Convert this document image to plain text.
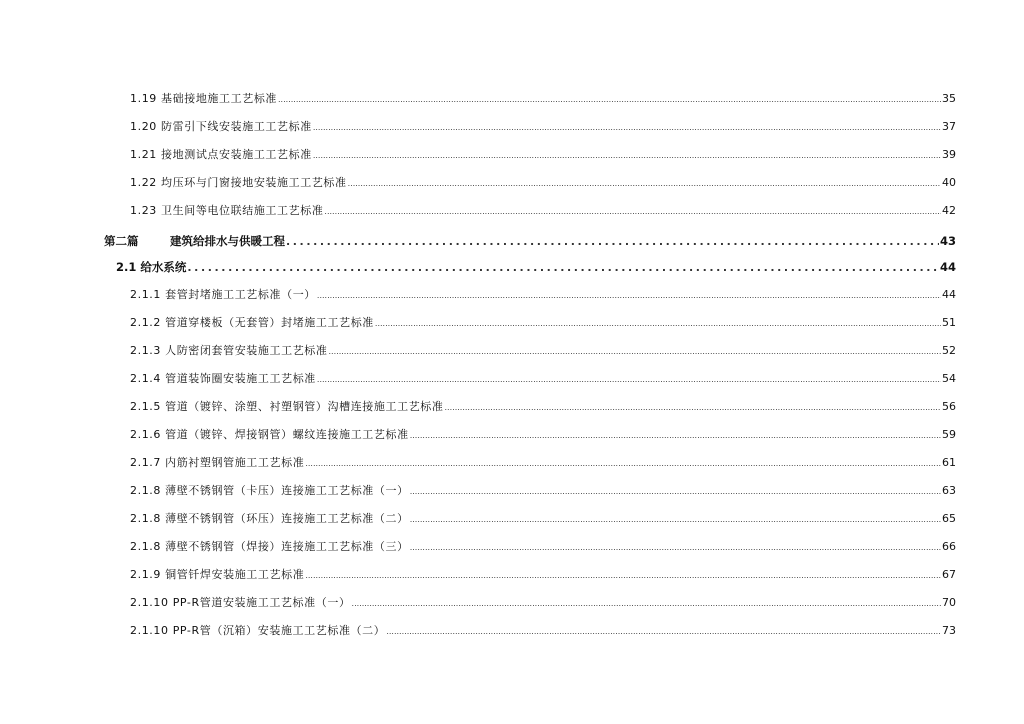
1.19 基础接地施工工艺标准 .....	35
1.20 防雷引下线安装施工工艺标准 .....	37
1.21 接地测试点安装施工工艺标准 .....	39
1.22 均压环与门窗接地安装施工工艺标准 .....	40
1.23 卫生间等电位联结施工工艺标准 .....	42
第二篇	建筑给排水与供暖工程 .....	43
2.1 给水系统 .....	44
2.1.1 套管封堵施工工艺标准（一） .....	44
2.1.2 管道穿楼板（无套管）封堵施工工艺标准 .....	51
2.1.3 人防密闭套管安装施工工艺标准 .....	52
2.1.4 管道装饰圈安装施工工艺标准 .....	54
2.1.5 管道（镀锌、涂塑、衬塑钢管）沟槽连接施工工艺标准 .....	56
2.1.6 管道（镀锌、焊接钢管）螺纹连接施工工艺标准 .....	59
2.1.7 内筋衬塑钢管施工工艺标准 .....	61
2.1.8 薄壁不锈钢管（卡压）连接施工工艺标准（一） .....	63
2.1.8 薄壁不锈钢管（环压）连接施工工艺标准（二） .....	65
2.1.8 薄壁不锈钢管（焊接）连接施工工艺标准（三） .....	66
2.1.9 铜管钎焊安装施工工艺标准 .....	67
2.1.10 PP-R管道安装施工工艺标准（一） .....	70
2.1.10 PP-R管（沉箱）安装施工工艺标准（二） .....	73
